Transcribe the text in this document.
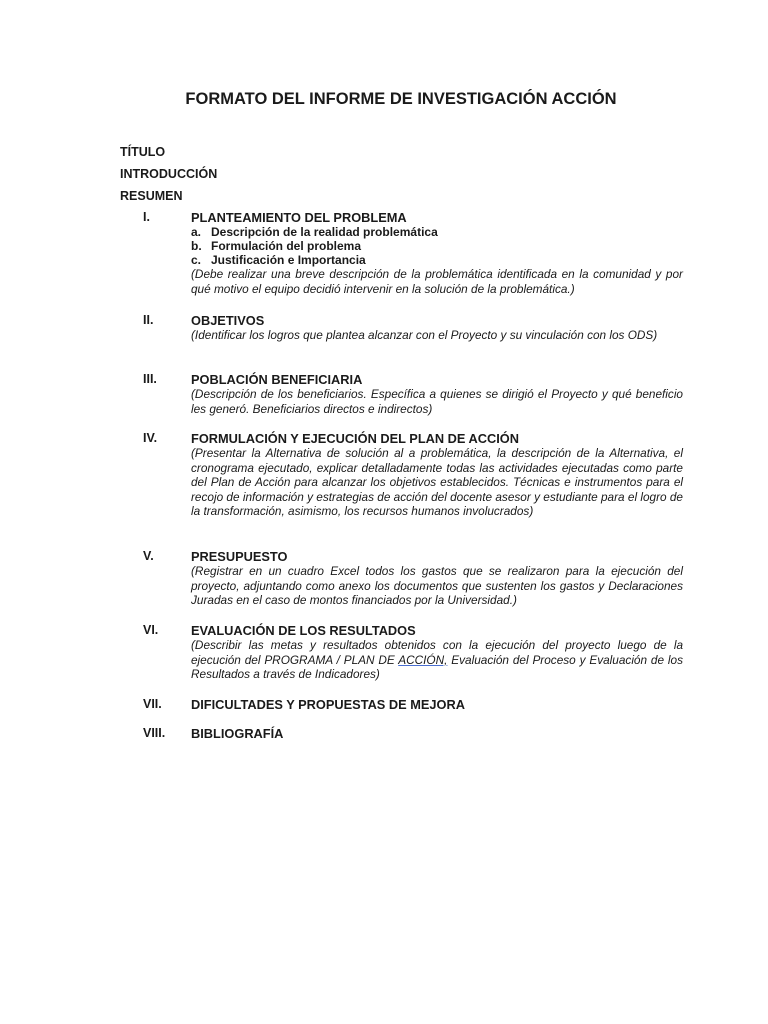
FORMATO DEL INFORME DE INVESTIGACIÓN ACCIÓN
TÍTULO
INTRODUCCIÓN
RESUMEN
I.	PLANTEAMIENTO DEL PROBLEMA
a. Descripción de la realidad problemática
b. Formulación del problema
c. Justificación e Importancia
(Debe realizar una breve descripción de la problemática identificada en la comunidad y por qué motivo el equipo decidió intervenir en la solución de la problemática.)
II.	OBJETIVOS
(Identificar los logros que plantea alcanzar con el Proyecto y su vinculación con los ODS)
III.	POBLACIÓN BENEFICIARIA
(Descripción de los beneficiarios. Específica a quienes se dirigió el Proyecto y qué beneficio les generó. Beneficiarios directos e indirectos)
IV.	FORMULACIÓN Y EJECUCIÓN DEL PLAN DE ACCIÓN
(Presentar la Alternativa de solución al a problemática, la descripción de la Alternativa, el cronograma ejecutado, explicar detalladamente todas las actividades ejecutadas como parte del Plan de Acción para alcanzar los objetivos establecidos. Técnicas e instrumentos para el recojo de información y estrategias de acción del docente asesor y estudiante para el logro de la transformación, asimismo, los recursos humanos involucrados)
V.	PRESUPUESTO
(Registrar en un cuadro Excel todos los gastos que se realizaron para la ejecución del proyecto, adjuntando como anexo los documentos que sustenten los gastos y Declaraciones Juradas en el caso de montos financiados por la Universidad.)
VI.	EVALUACIÓN DE LOS RESULTADOS
(Describir las metas y resultados obtenidos con la ejecución del proyecto luego de la ejecución del PROGRAMA / PLAN DE ACCIÓN, Evaluación del Proceso y Evaluación de los Resultados a través de Indicadores)
VII. DIFICULTADES Y PROPUESTAS DE MEJORA
VIII. BIBLIOGRAFÍA
